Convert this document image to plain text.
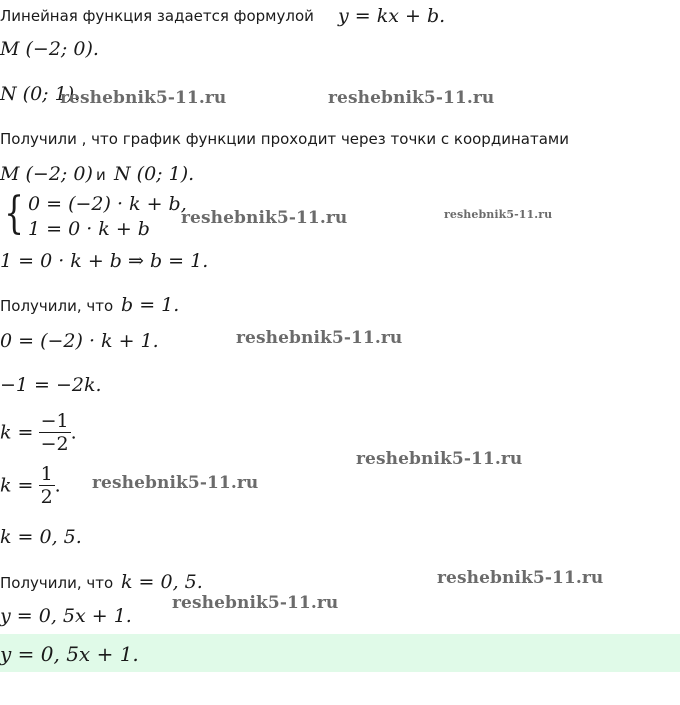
Линейная функция задается формулой y = kx + b.
M (−2; 0).
N (0; 1).
reshebnik5-11.ru	reshebnik5-11.ru
Получили , что график функции проходит через точки с координатами
M (−2; 0) и N (0; 1).
{ 0 = (−2) · k + b,
1 = 0 · k + b reshebnik5-11.ru	reshebnik5-11.ru
1 = 0 · k + b ⇒ b = 1.
Получили, что b = 1.
0 = (−2) · k + 1.	reshebnik5-11.ru
−1 = −2k.
$k = \frac{-1}{-2}$ .
reshebnik5-11.ru
$k = \frac{1}{2}$ . reshebnik5-11.ru
k = 0, 5.
Получили, что k = 0, 5.	reshebnik5-11.ru
reshebnik5-11.ru
y = 0, 5x + 1.
y = 0, 5x + 1.
